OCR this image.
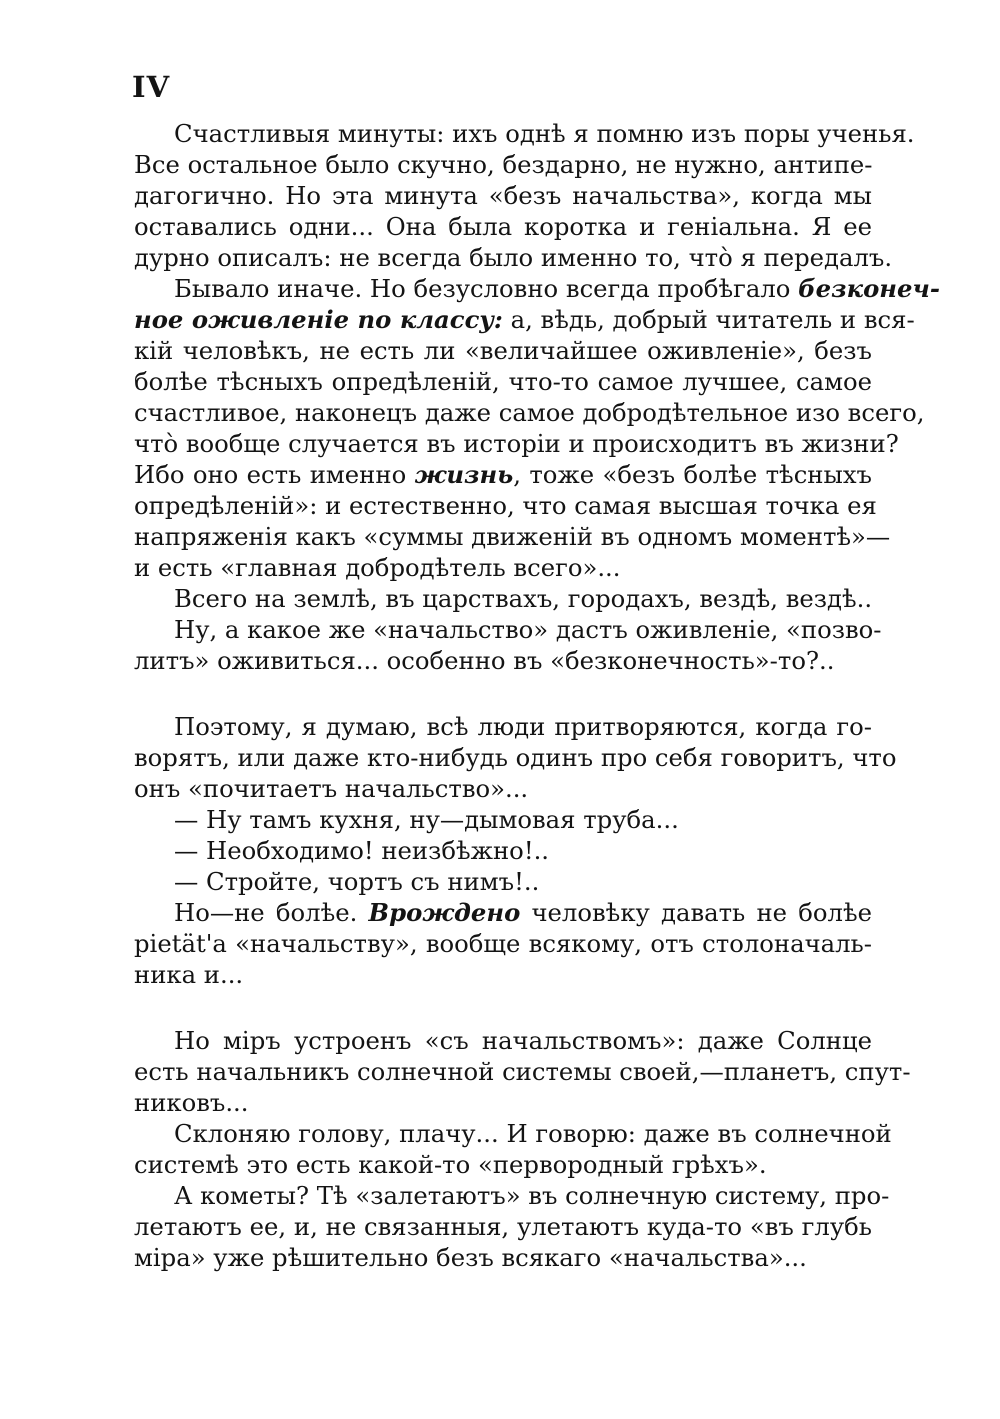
IV
Счастливыя минуты: ихъ однѣ я помню изъ поры ученья.
Все остальное было скучно, бездарно, не нужно, антипе-
дагогично. Но эта минута «безъ начальства», когда мы
оставались одни... Она была коротка и геніальна. Я ее
дурно описалъ: не всегда было именно то, что̀ я передалъ.
Бывало иначе. Но безусловно всегда пробѣгало безконеч-
ное оживленіе по классу: а, вѣдь, добрый читатель и вся-
кій человѣкъ, не есть ли «величайшее оживленіе», безъ
болѣе тѣсныхъ опредѣленій, что-то самое лучшее, самое
счастливое, наконецъ даже самое добродѣтельное изо всего,
что̀ вообще случается въ исторіи и происходитъ въ жизни?
Ибо оно есть именно жизнь, тоже «безъ болѣе тѣсныхъ
опредѣленій»: и естественно, что самая высшая точка ея
напряженія какъ «суммы движеній въ одномъ моментѣ»—
и есть «главная добродѣтель всего»...
Всего на землѣ, въ царствахъ, городахъ, вездѣ, вездѣ..
Ну, а какое же «начальство» дастъ оживленіе, «позво-
литъ» оживиться... особенно въ «безконечность»-то?..
Поэтому, я думаю, всѣ люди притворяются, когда го-
ворятъ, или даже кто-нибудь одинъ про себя говоритъ, что
онъ «почитаетъ начальство»...
— Ну тамъ кухня, ну—дымовая труба...
— Необходимо! неизбѣжно!..
— Стройте, чортъ съ нимъ!..
Но—не болѣе. Врождено человѣку давать не болѣе
pietät'а «начальству», вообще всякому, отъ столоначаль-
ника и...
Но міръ устроенъ «съ начальствомъ»: даже Солнце
есть начальникъ солнечной системы своей,—планетъ, спут-
никовъ...
Склоняю голову, плачу... И говорю: даже въ солнечной
системѣ это есть какой-то «первородный грѣхъ».
А кометы? Тѣ «залетаютъ» въ солнечную систему, про-
летаютъ ее, и, не связанныя, улетаютъ куда-то «въ глубь
міра» уже рѣшительно безъ всякаго «начальства»...
